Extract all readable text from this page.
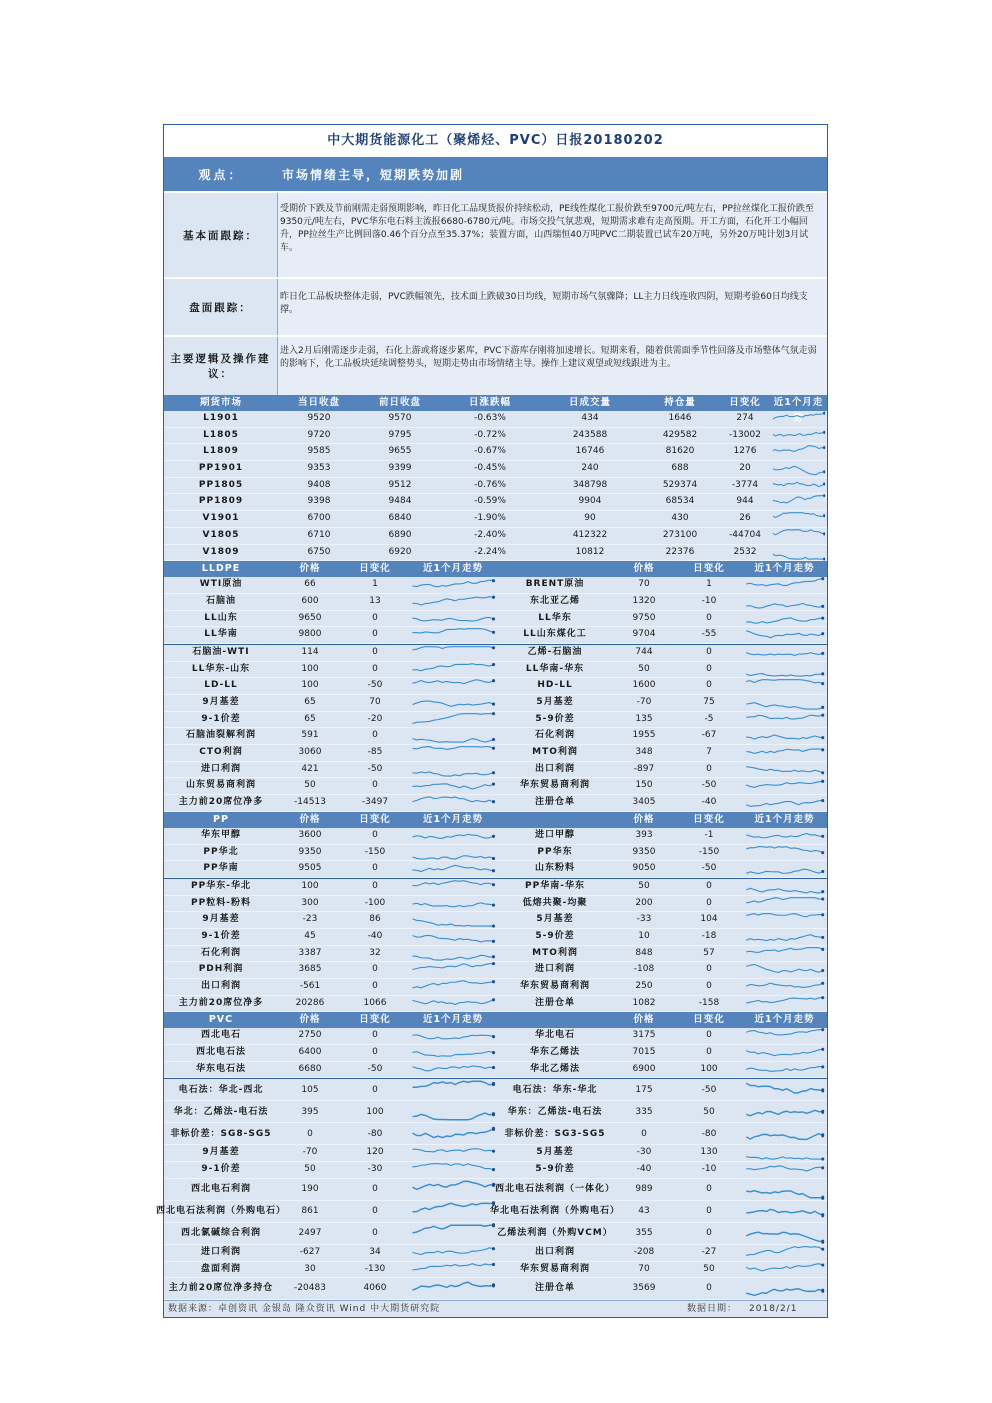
中大期货能源化工（聚烯烃、PVC）日报20180202
观点：	市场情绪主导，短期跌势加剧
基本面跟踪：
受期价下跌及节前刚需走弱预期影响，昨日化工品现货报价持续松动，PE线性煤化工报价跌至9700元/吨左右，PP拉丝煤化工报价跌至9350元/吨左右，PVC华东电石料主流报6680-6780元/吨。市场交投气氛悲观，短期需求难有走高预期。开工方面，石化开工小幅回升，PP拉丝生产比例回落0.46个百分点至35.37%；装置方面，山西瑞恒40万吨PVC二期装置已试车20万吨，另外20万吨计划3月试车。
盘面跟踪：
昨日化工品板块整体走弱，PVC跌幅领先，技术面上跌破30日均线，短期市场气氛骤降；LL主力日线连收四阴，短期考验60日均线支撑。
主要逻辑及操作建议：
进入2月后刚需逐步走弱，石化上游或将逐步累库，PVC下游库存刚将加速增长。短期来看，随着供需面季节性回落及市场整体气氛走弱的影响下，化工品板块延续调整势头，短期走势由市场情绪主导。操作上建议观望或短线跟进为主。
期货市场	当日收盘	前日收盘	日涨跌幅	日成交量	持仓量	日变化	近1个月走势
L1901	9520	9570	-0.63%	434	1646	274
L1805	9720	9795	-0.72%	243588	429582	-13002
L1809	9585	9655	-0.67%	16746	81620	1276
PP1901	9353	9399	-0.45%	240	688	20
PP1805	9408	9512	-0.76%	348798	529374	-3774
PP1809	9398	9484	-0.59%	9904	68534	944
V1901	6700	6840	-1.90%	90	430	26
V1805	6710	6890	-2.40%	412322	273100	-44704
V1809	6750	6920	-2.24%	10812	22376	2532
LLDPE	价格	日变化	近1个月走势	价格	日变化	近1个月走势
WTI原油	66	1	BRENT原油	70	1
石脑油	600	13	东北亚乙烯	1320	-10
LL山东	9650	0	LL华东	9750	0
LL华南	9800	0	LL山东煤化工	9704	-55
石脑油-WTI	114	0	乙烯-石脑油	744	0
LL华东-山东	100	0	LL华南-华东	50	0
LD-LL	100	-50	HD-LL	1600	0
9月基差	65	70	5月基差	-70	75
9-1价差	65	-20	5-9价差	135	-5
石脑油裂解利润	591	0	石化利润	1955	-67
CTO利润	3060	-85	MTO利润	348	7
进口利润	421	-50	出口利润	-897	0
山东贸易商利润	50	0	华东贸易商利润	150	-50
主力前20席位净多	-14513	-3497	注册仓单	3405	-40
PP	价格	日变化	近1个月走势	价格	日变化	近1个月走势
华东甲醇	3600	0	进口甲醇	393	-1
PP华北	9350	-150	PP华东	9350	-150
PP华南	9505	0	山东粉料	9050	-50
PP华东-华北	100	0	PP华南-华东	50	0
PP粒料-粉料	300	-100	低熔共聚-均聚	200	0
9月基差	-23	86	5月基差	-33	104
9-1价差	45	-40	5-9价差	10	-18
石化利润	3387	32	MTO利润	848	57
PDH利润	3685	0	进口利润	-108	0
出口利润	-561	0	华东贸易商利润	250	0
主力前20席位净多	20286	1066	注册仓单	1082	-158
PVC	价格	日变化	近1个月走势	价格	日变化	近1个月走势
西北电石	2750	0	华北电石	3175	0
西北电石法	6400	0	华东乙烯法	7015	0
华东电石法	6680	-50	华北乙烯法	6900	100
电石法：华北-西北	105	0	电石法：华东-华北	175	-50
华北：乙烯法-电石法	395	100	华东：乙烯法-电石法	335	50
非标价差：SG8-SG5	0	-80	非标价差：SG3-SG5	0	-80
9月基差	-70	120	5月基差	-30	130
9-1价差	50	-30	5-9价差	-40	-10
西北电石利润	190	0	西北电石法利润（一体化）	989	0
西北电石法利润（外购电石）	861	0	华北电石法利润（外购电石）	43	0
西北氯碱综合利润	2497	0	乙烯法利润（外购VCM）	355	0
进口利润	-627	34	出口利润	-208	-27
盘面利润	30	-130	华东贸易商利润	70	50
主力前20席位净多持仓	-20483	4060	注册仓单	3569	0
数据来源：卓创资讯 金银岛 隆众资讯 Wind 中大期货研究院	数据日期： 2018/2/1
